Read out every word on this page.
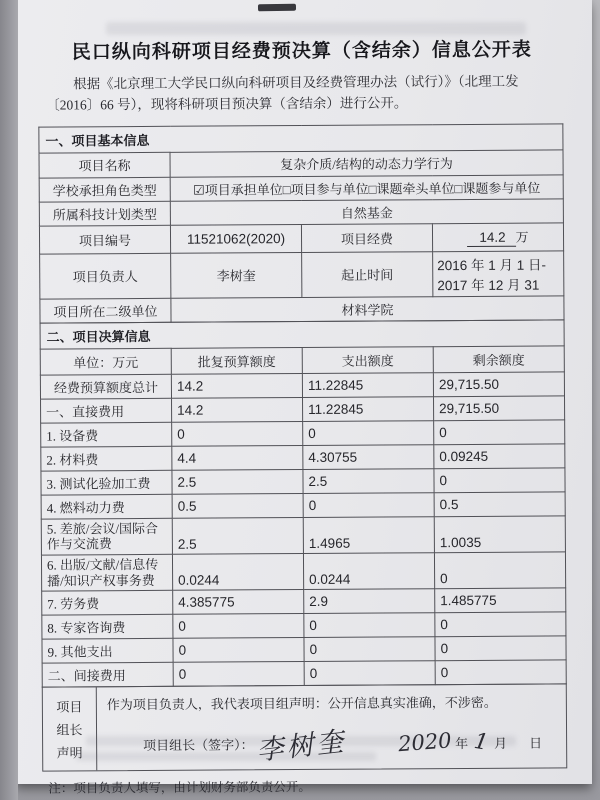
民口纵向科研项目经费预决算（含结余）信息公开表

根据《北京理工大学民口纵向科研项目及经费管理办法（试行）》（北理工发〔2016〕66 号），现将科研项目预决算（含结余）进行公开。

一、项目基本信息			
项目名称	复杂介质/结构的动态力学行为		
学校承担角色类型	☑项目承担单位□项目参与单位□课题牵头单位□课题参与单位		
所属科技计划类型	自然基金		
项目编号	11521062(2020)	项目经费	14.2 万
项目负责人	李树奎	起止时间	2016 年 1 月 1 日- 2017 年 12 月 31
项目所在二级单位	材料学院		
二、项目决算信息			
单位：万元	批复预算额度	支出额度	剩余额度
经费预算额度总计	14.2	11.22845	29,715.50
一、直接费用	14.2	11.22845	29,715.50
1. 设备费	0	0	0
2. 材料费	4.4	4.30755	0.09245
3. 测试化验加工费	2.5	2.5	0
4. 燃料动力费	0.5	0	0.5
5. 差旅/会议/国际合作与交流费	2.5	1.4965	1.0035
6. 出版/文献/信息传播/知识产权事务费	0.0244	0.0244	0
7. 劳务费	4.385775	2.9	1.485775
8. 专家咨询费	0	0	0
9. 其他支出	0	0	0
二、间接费用	0	0	0
项目
组长
声明
作为项目负责人，我代表项目组声明：公开信息真实准确，不涉密。
项目组长（签字）： 李树奎 2020 年 1 月 日
注：项目负责人填写，由计划财务部负责公开。
